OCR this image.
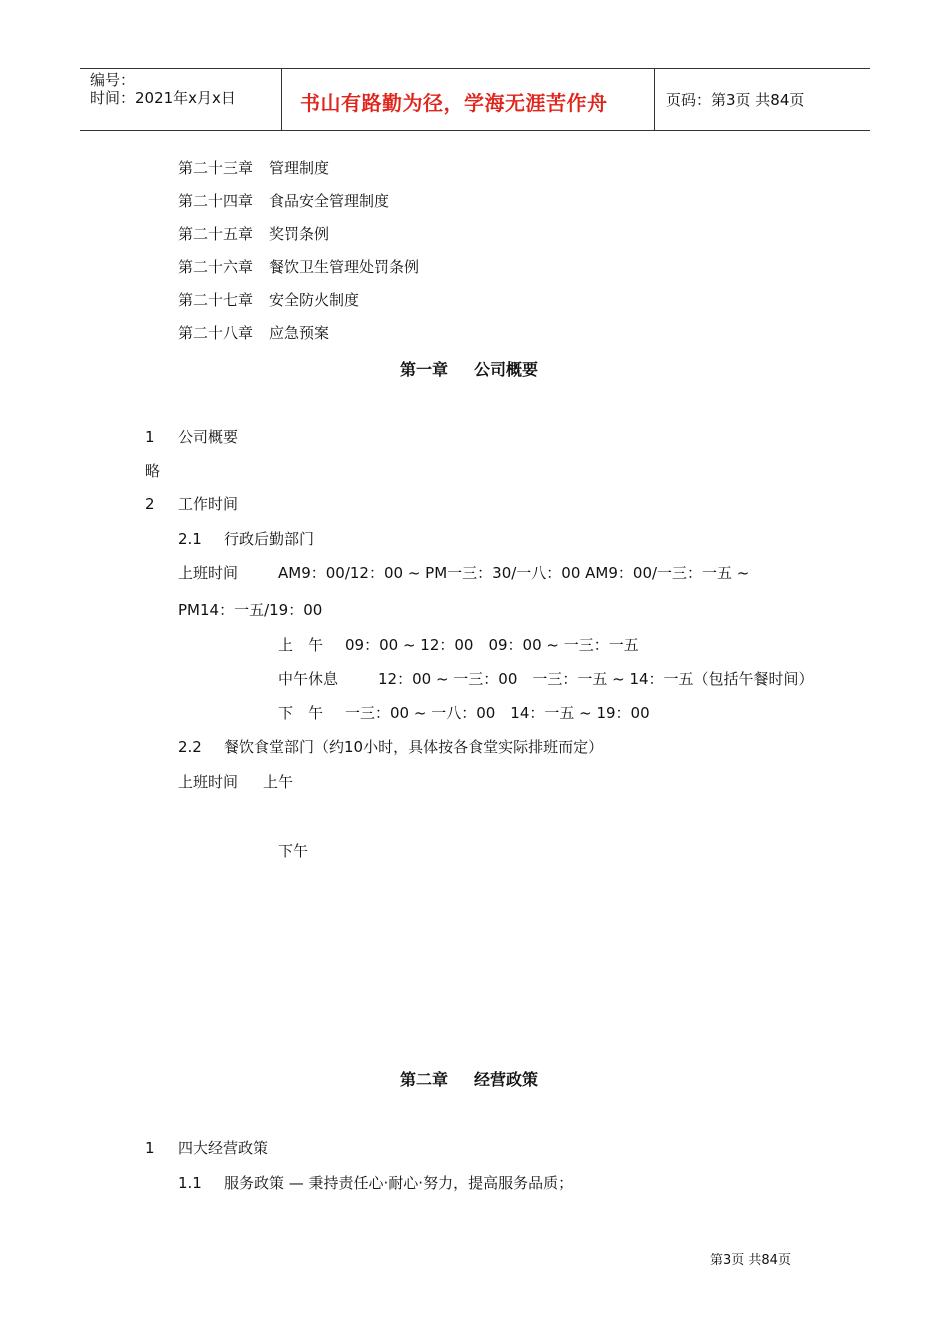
编号：
时间：2021年x月x日	书山有路勤为径，学海无涯苦作舟	页码：第3页 共84页
第二十三章 管理制度
第二十四章 食品安全管理制度
第二十五章 奖罚条例
第二十六章 餐饮卫生管理处罚条例
第二十七章 安全防火制度
第二十八章 应急预案
第一章 公司概要
1 公司概要
略
2 工作时间
2.1 行政后勤部门
上班时间	AM9：00/12：00 ~ PM一三：30/一八：00 AM9：00/一三：一五 ~
PM14：一五/19：00
上　午 09：00 ~ 12：00　09：00 ~ 一三：一五
中午休息	12：00 ~ 一三：00　一三：一五 ~ 14：一五（包括午餐时间）
下　午 一三：00 ~ 一八：00　14：一五 ~ 19：00
2.2 餐饮食堂部门（约10小时，具体按各食堂实际排班而定）
上班时间 上午
下午
第二章 经营政策
1 四大经营政策
1.1 服务政策 — 秉持责任心·耐心·努力，提高服务品质；
第3页 共84页
